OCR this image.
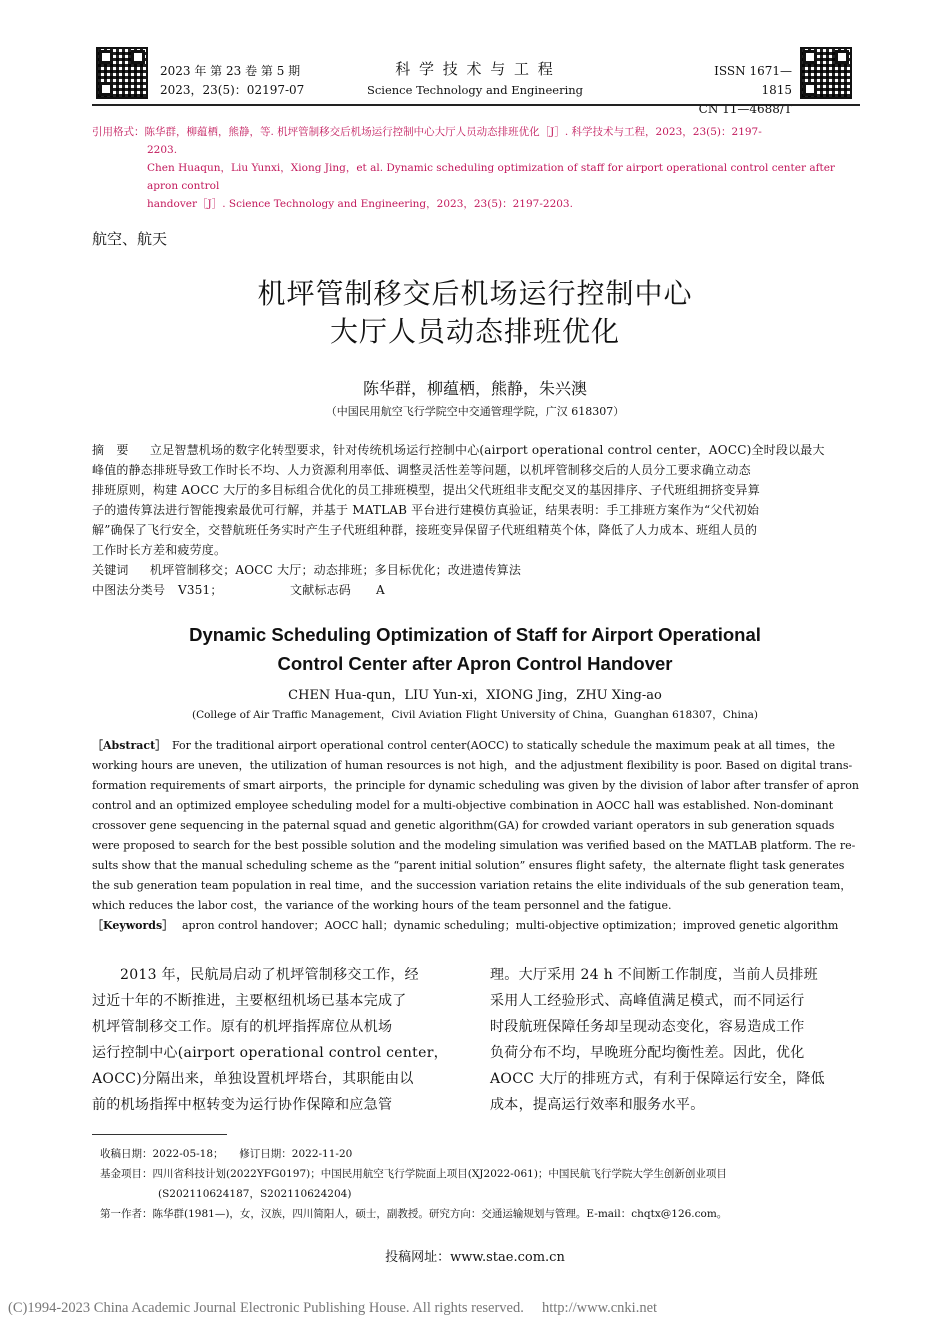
2023 年 第 23 卷 第 5 期
2023，23(5)：02197-07
科 学 技 术 与 工 程
Science Technology and Engineering
ISSN 1671—1815
CN 11—4688/T
引用格式：陈华群，柳蕴栖，熊静，等. 机坪管制移交后机场运行控制中心大厅人员动态排班优化［J］. 科学技术与工程，2023，23(5)：2197-
2203.
Chen Huaqun，Liu Yunxi，Xiong Jing，et al. Dynamic scheduling optimization of staff for airport operational control center after apron control
handover［J］. Science Technology and Engineering，2023，23(5)：2197-2203.
航空、航天
机坪管制移交后机场运行控制中心
大厅人员动态排班优化
陈华群，柳蕴栖，熊静，朱兴澳
（中国民用航空飞行学院空中交通管理学院，广汉 618307）
摘　要 立足智慧机场的数字化转型要求，针对传统机场运行控制中心(airport operational control center，AOCC)全时段以最大
峰值的静态排班导致工作时长不均、人力资源利用率低、调整灵活性差等问题，以机坪管制移交后的人员分工要求确立动态
排班原则，构建 AOCC 大厅的多目标组合优化的员工排班模型，提出父代班组非支配交叉的基因排序、子代班组拥挤变异算
子的遗传算法进行智能搜索最优可行解，并基于 MATLAB 平台进行建模仿真验证，结果表明：手工排班方案作为“父代初始
解”确保了飞行安全，交替航班任务实时产生子代班组种群，接班变异保留子代班组精英个体，降低了人力成本、班组人员的
工作时长方差和疲劳度。
关键词 机坪管制移交；AOCC 大厅；动态排班；多目标优化；改进遗传算法
中图法分类号 V351；	文献标志码 A
Dynamic Scheduling Optimization of Staff for Airport Operational
Control Center after Apron Control Handover
CHEN Hua-qun，LIU Yun-xi，XIONG Jing，ZHU Xing-ao
(College of Air Traffic Management，Civil Aviation Flight University of China，Guanghan 618307，China)
［Abstract］ For the traditional airport operational control center(AOCC) to statically schedule the maximum peak at all times，the
working hours are uneven，the utilization of human resources is not high，and the adjustment flexibility is poor. Based on digital trans-
formation requirements of smart airports，the principle for dynamic scheduling was given by the division of labor after transfer of apron
control and an optimized employee scheduling model for a multi-objective combination in AOCC hall was established. Non-dominant
crossover gene sequencing in the paternal squad and genetic algorithm(GA) for crowded variant operators in sub generation squads
were proposed to search for the best possible solution and the modeling simulation was verified based on the MATLAB platform. The re-
sults show that the manual scheduling scheme as the “parent initial solution” ensures flight safety，the alternate flight task generates
the sub generation team population in real time，and the succession variation retains the elite individuals of the sub generation team，
which reduces the labor cost，the variance of the working hours of the team personnel and the fatigue.
［Keywords］ apron control handover；AOCC hall；dynamic scheduling；multi-objective optimization；improved genetic algorithm
2013 年，民航局启动了机坪管制移交工作，经
过近十年的不断推进，主要枢纽机场已基本完成了
机坪管制移交工作。原有的机坪指挥席位从机场
运行控制中心(airport operational control center，
AOCC)分隔出来，单独设置机坪塔台，其职能由以
前的机场指挥中枢转变为运行协作保障和应急管
理。大厅采用 24 h 不间断工作制度，当前人员排班
采用人工经验形式、高峰值满足模式，而不同运行
时段航班保障任务却呈现动态变化，容易造成工作
负荷分布不均，早晚班分配均衡性差。因此，优化
AOCC 大厅的排班方式，有利于保障运行安全，降低
成本，提高运行效率和服务水平。
收稿日期：2022-05-18；　　修订日期：2022-11-20
基金项目：四川省科技计划(2022YFG0197)；中国民用航空飞行学院面上项目(XJ2022-061)；中国民航飞行学院大学生创新创业项目
(S202110624187，S202110624204)
第一作者：陈华群(1981—)，女，汉族，四川简阳人，硕士，副教授。研究方向：交通运输规划与管理。E-mail：chqtx@126.com。
投稿网址：www.stae.com.cn
(C)1994-2023 China Academic Journal Electronic Publishing House. All rights reserved.　 http://www.cnki.net
